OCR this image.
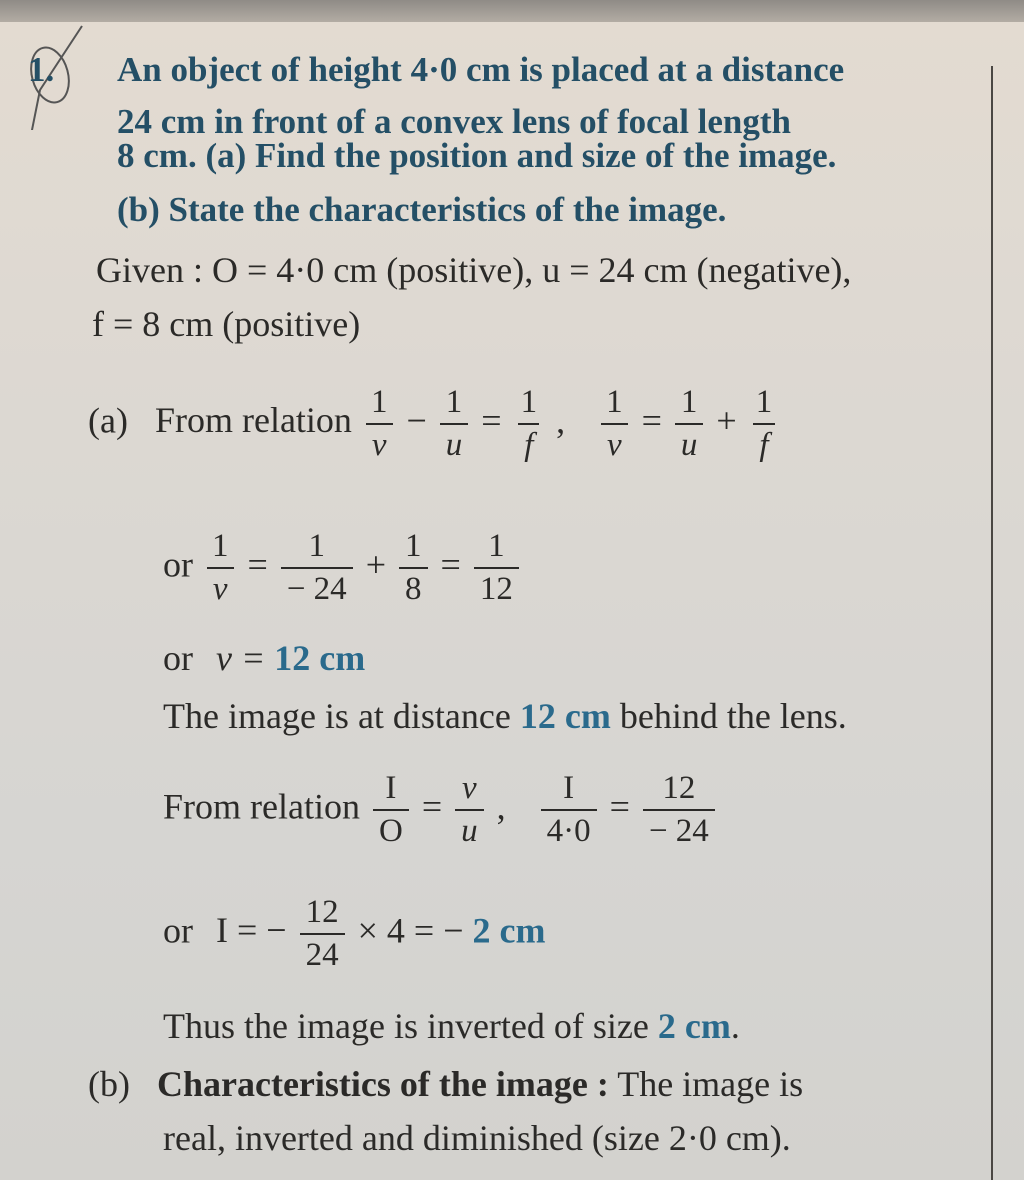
1. An object of height 4·0 cm is placed at a distance
24 cm in front of a convex lens of focal length
8 cm. (a) Find the position and size of the image.
(b) State the characteristics of the image.
Given : O = 4·0 cm (positive), u = 24 cm (negative),
f = 8 cm (positive)
(a) From relation $\frac{1}{v} - \frac{1}{u} = \frac{1}{f}$ , $\frac{1}{v} = \frac{1}{u} + \frac{1}{f}$
or $\frac{1}{v} = \frac{1}{- 24} + \frac{1}{8} = \frac{1}{12}$
or v = 12 cm
The image is at distance 12 cm behind the lens.
From relation $\frac{I}{O} = \frac{v}{u}$ , $\frac{I}{4\cdot 0} = \frac{12}{- 24}$
or I = − $\frac{12}{24} \times 4$ = − 2 cm
Thus the image is inverted of size 2 cm.
(b) Characteristics of the image : The image is
real, inverted and diminished (size 2·0 cm).
